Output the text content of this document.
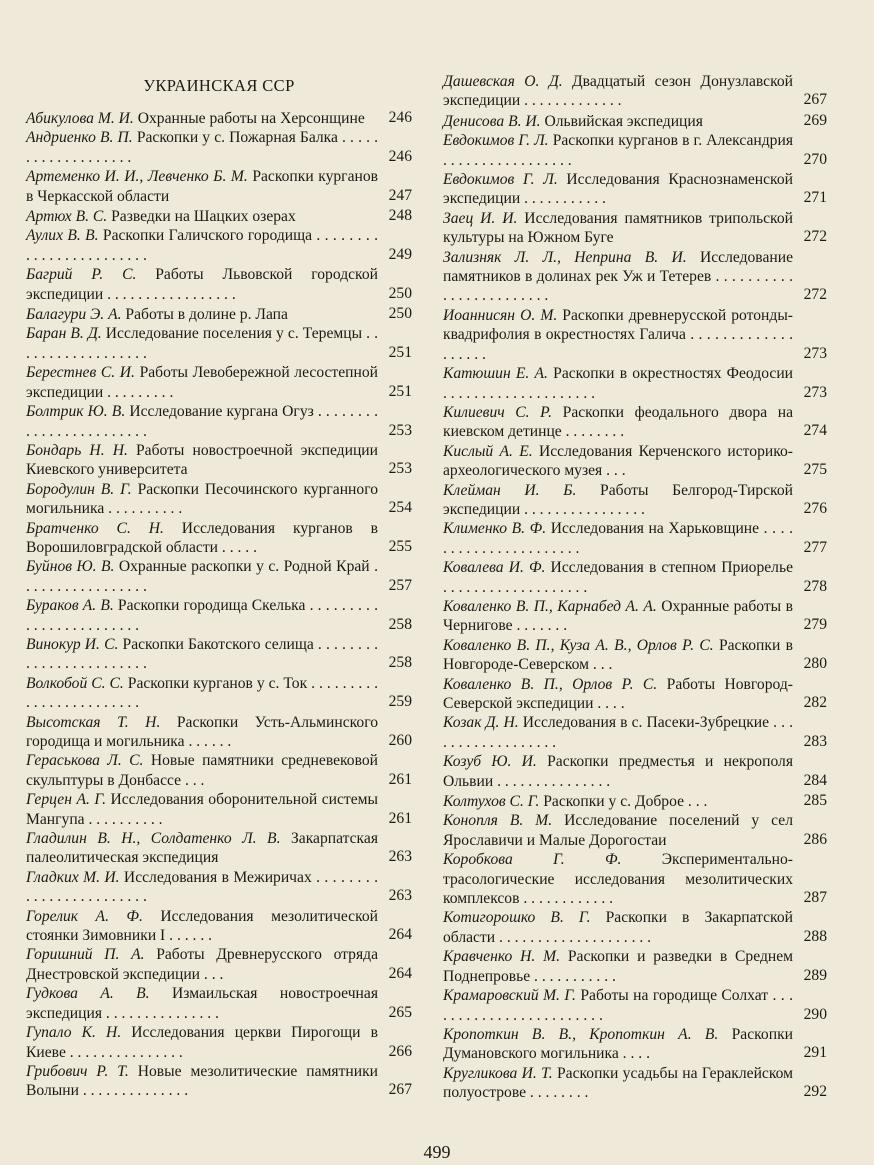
УКРАИНСКАЯ ССР
Абикулова М. И. Охранные работы на Херсонщине	246
Андриенко В. П. Раскопки у с. Пожарная Балка . . . . . . . . . . . . . . . . . . .	246
Артеменко И. И., Левченко Б. М. Раскопки курганов в Черкасской области	247
Артюх В. С. Разведки на Шацких озерах	248
Аулих В. В. Раскопки Галичского городища . . . . . . . . . . . . . . . . . . . . . . . .	249
Багрий Р. С. Работы Львовской городской экспедиции . . . . . . . . . . . . . . . . .	250
Балагури Э. А. Работы в долине р. Лапа	250
Баран В. Д. Исследование поселения у с. Теремцы . . . . . . . . . . . . . . . . . .	251
Берестнев С. И. Работы Левобережной лесостепной экспедиции . . . . . . . . .	251
Болтрик Ю. В. Исследование кургана Огуз . . . . . . . . . . . . . . . . . . . . . . . .	253
Бондарь Н. Н. Работы новостроечной экспедиции Киевского университета	253
Бородулин В. Г. Раскопки Песочинского курганного могильника . . . . . . . . . .	254
Братченко С. Н. Исследования курганов в Ворошиловградской области . . . . .	255
Буйнов Ю. В. Охранные раскопки у с. Родной Край . . . . . . . . . . . . . . . . .	257
Бураков А. В. Раскопки городища Скелька . . . . . . . . . . . . . . . . . . . . . . . .	258
Винокур И. С. Раскопки Бакотского селища . . . . . . . . . . . . . . . . . . . . . . . .	258
Волкобой С. С. Раскопки курганов у с. Ток . . . . . . . . . . . . . . . . . . . . . . . .	259
Высотская Т. Н. Раскопки Усть-Альминского городища и могильника . . . . . .	260
Гераськова Л. С. Новые памятники средневековой скульптуры в Донбассе . . .	261
Герцен А. Г. Исследования оборонительной системы Мангупа . . . . . . . . . .	261
Гладилин В. Н., Солдатенко Л. В. Закарпатская палеолитическая экспедиция	263
Гладких М. И. Исследования в Межиричах . . . . . . . . . . . . . . . . . . . . . . . .	263
Горелик А. Ф. Исследования мезолитической стоянки Зимовники I . . . . . .	264
Горишний П. А. Работы Древнерусского отряда Днестровской экспедиции . . .	264
Гудкова А. В. Измаильская новостроечная экспедиция . . . . . . . . . . . . . . .	265
Гупало К. Н. Исследования церкви Пирогощи в Киеве . . . . . . . . . . . . . . .	266
Грибович Р. Т. Новые мезолитические памятники Волыни . . . . . . . . . . . . . .	267
Дашевская О. Д. Двадцатый сезон Донузлавской экспедиции . . . . . . . . . . . . .	267
Денисова В. И. Ольвийская экспедиция	269
Евдокимов Г. Л. Раскопки курганов в г. Александрия . . . . . . . . . . . . . . . . .	270
Евдокимов Г. Л. Исследования Краснознаменской экспедиции . . . . . . . . . . .	271
Заец И. И. Исследования памятников трипольской культуры на Южном Буге	272
Зализняк Л. Л., Неприна В. И. Исследование памятников в долинах рек Уж и Тетерев . . . . . . . . . . . . . . . . . . . . . . . .	272
Иоаннисян О. М. Раскопки древнерусской ротонды-квадрифолия в окрестностях Галича . . . . . . . . . . . . . . . . . . .	273
Катюшин Е. А. Раскопки в окрестностях Феодосии . . . . . . . . . . . . . . . . . . . .	273
Килиевич С. Р. Раскопки феодального двора на киевском детинце . . . . . . . .	274
Кислый А. Е. Исследования Керченского историко-археологического музея . . .	275
Клейман И. Б. Работы Белгород-Тирской экспедиции . . . . . . . . . . . . . . . .	276
Клименко В. Ф. Исследования на Харьковщине . . . . . . . . . . . . . . . . . . . . . .	277
Ковалева И. Ф. Исследования в степном Приорелье . . . . . . . . . . . . . . . . . . .	278
Коваленко В. П., Карнабед А. А. Охранные работы в Чернигове . . . . . . .	279
Коваленко В. П., Куза А. В., Орлов Р. С. Раскопки в Новгороде-Северском . . .	280
Коваленко В. П., Орлов Р. С. Работы Новгород-Северской экспедиции . . . .	282
Козак Д. Н. Исследования в с. Пасеки-Зубрецкие . . . . . . . . . . . . . . . . . .	283
Козуб Ю. И. Раскопки предместья и некрополя Ольвии . . . . . . . . . . . . . . .	284
Колтухов С. Г. Раскопки у с. Доброе . . .	285
Конопля В. М. Исследование поселений у сел Ярославичи и Малые Дорогостаи	286
Коробкова Г. Ф. Экспериментально-трасологические исследования мезолитических комплексов . . . . . . . . . . . .	287
Котигорошко В. Г. Раскопки в Закарпатской области . . . . . . . . . . . . . . . . . . . .	288
Кравченко Н. М. Раскопки и разведки в Среднем Поднепровье . . . . . . . . . . .	289
Крамаровский М. Г. Работы на городище Солхат . . . . . . . . . . . . . . . . . . . . . . . .	290
Кропоткин В. В., Кропоткин А. В. Раскопки Думановского могильника . . . .	291
Кругликова И. Т. Раскопки усадьбы на Гераклейском полуострове . . . . . . . .	292
499
